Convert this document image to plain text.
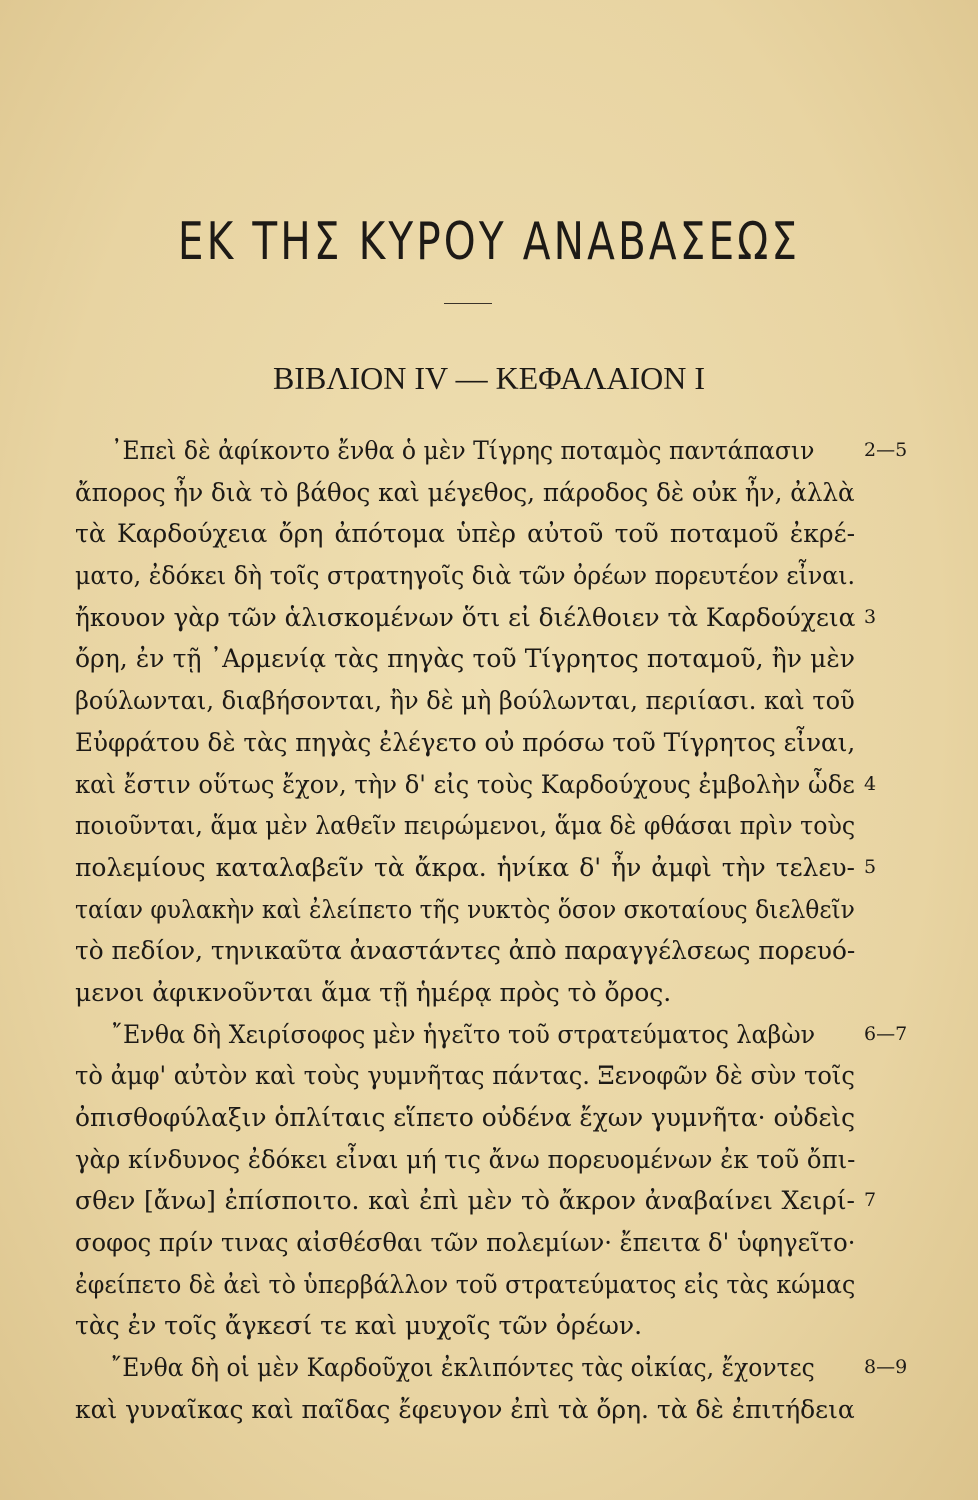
ΕΚ ΤΗΣ ΚΥΡΟΥ ΑΝΑΒΑΣΕΩΣ
ΒΙΒΛΙΟΝ IV — ΚΕΦΑΛΑΙΟΝ I
᾿Επεὶ δὲ ἀφίκοντο ἔνθα ὁ μὲν Τίγρης ποταμὸς παντάπασιν	2—5
ἄπορος ἦν διὰ τὸ βάθος καὶ μέγεθος, πάροδος δὲ οὐκ ἦν, ἀλλὰ
τὰ Καρδούχεια ὄρη ἀπότομα ὑπὲρ αὐτοῦ τοῦ ποταμοῦ ἐκρέ-
ματο, ἐδόκει δὴ τοῖς στρατηγοῖς διὰ τῶν ὀρέων πορευτέον εἶναι.
ἤκουον γὰρ τῶν ἁλισκομένων ὅτι εἰ διέλθοιεν τὰ Καρδούχεια 3
ὄρη, ἐν τῇ ᾿Αρμενίᾳ τὰς πηγὰς τοῦ Τίγρητος ποταμοῦ, ἢν μὲν
βούλωνται, διαβήσονται, ἢν δὲ μὴ βούλωνται, περιίασι. καὶ τοῦ
Εὐφράτου δὲ τὰς πηγὰς ἐλέγετο οὐ πρόσω τοῦ Τίγρητος εἶναι,
καὶ ἔστιν οὕτως ἔχον, τὴν δ' εἰς τοὺς Καρδούχους ἐμβολὴν ὧδε 4
ποιοῦνται, ἅμα μὲν λαθεῖν πειρώμενοι, ἅμα δὲ φθάσαι πρὶν τοὺς
πολεμίους καταλαβεῖν τὰ ἄκρα. ἡνίκα δ' ἦν ἀμφὶ τὴν τελευ- 5
ταίαν φυλακὴν καὶ ἐλείπετο τῆς νυκτὸς ὅσον σκοταίους διελθεῖν
τὸ πεδίον, τηνικαῦτα ἀναστάντες ἀπὸ παραγγέλσεως πορευό-
μενοι ἀφικνοῦνται ἅμα τῇ ἡμέρᾳ πρὸς τὸ ὄρος.
῎Ενθα δὴ Χειρίσοφος μὲν ἡγεῖτο τοῦ στρατεύματος λαβὼν	6—7
τὸ ἀμφ' αὐτὸν καὶ τοὺς γυμνῆτας πάντας. Ξενοφῶν δὲ σὺν τοῖς
ὀπισθοφύλαξιν ὁπλίταις εἵπετο οὐδένα ἔχων γυμνῆτα· οὐδεὶς
γὰρ κίνδυνος ἐδόκει εἶναι μή τις ἄνω πορευομένων ἐκ τοῦ ὄπι-
σθεν [ἄνω] ἐπίσποιτο. καὶ ἐπὶ μὲν τὸ ἄκρον ἀναβαίνει Χειρί- 7
σοφος πρίν τινας αἰσθέσθαι τῶν πολεμίων· ἔπειτα δ' ὑφηγεῖτο·
ἐφείπετο δὲ ἀεὶ τὸ ὑπερβάλλον τοῦ στρατεύματος εἰς τὰς κώμας
τὰς ἐν τοῖς ἄγκεσί τε καὶ μυχοῖς τῶν ὀρέων.
῎Ενθα δὴ οἱ μὲν Καρδοῦχοι ἐκλιπόντες τὰς οἰκίας, ἔχοντες	8—9
καὶ γυναῖκας καὶ παῖδας ἔφευγον ἐπὶ τὰ ὄρη. τὰ δὲ ἐπιτήδεια
